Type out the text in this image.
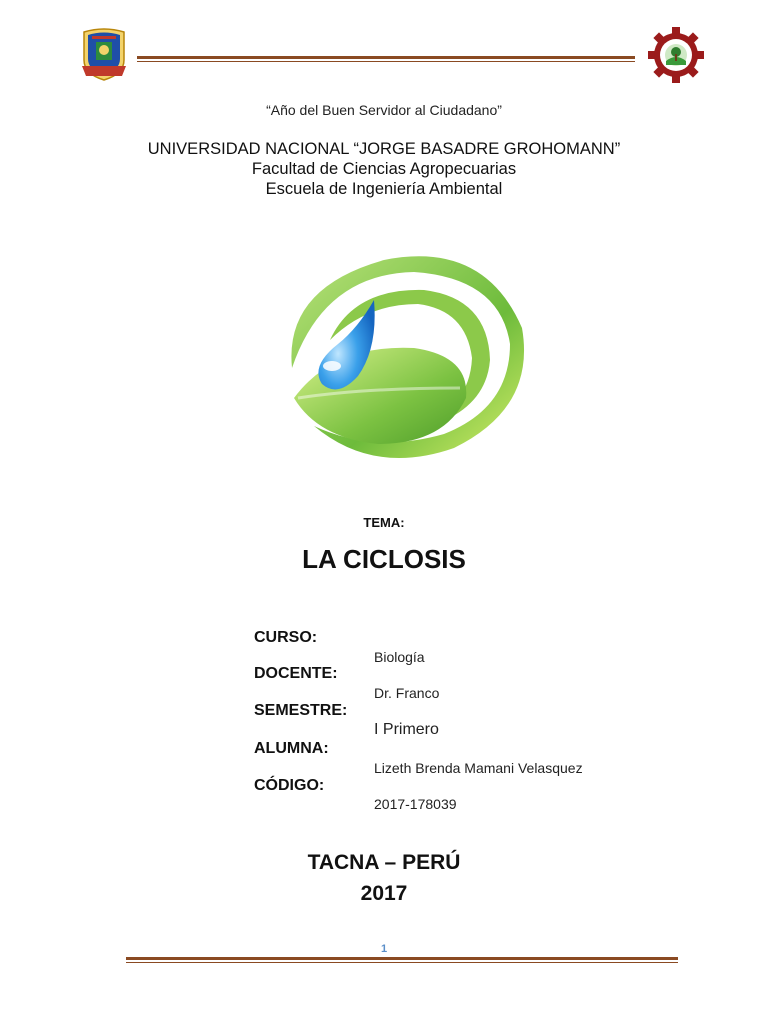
“Año del Buen Servidor al Ciudadano”
UNIVERSIDAD NACIONAL “JORGE BASADRE GROHOMANN”
Facultad de Ciencias Agropecuarias
Escuela de Ingeniería Ambiental
TEMA:
LA CICLOSIS
CURSO:
Biología
DOCENTE:
Dr. Franco
SEMESTRE:
I Primero
ALUMNA:
Lizeth Brenda Mamani Velasquez
CÓDIGO:
2017-178039
TACNA – PERÚ
2017
1
